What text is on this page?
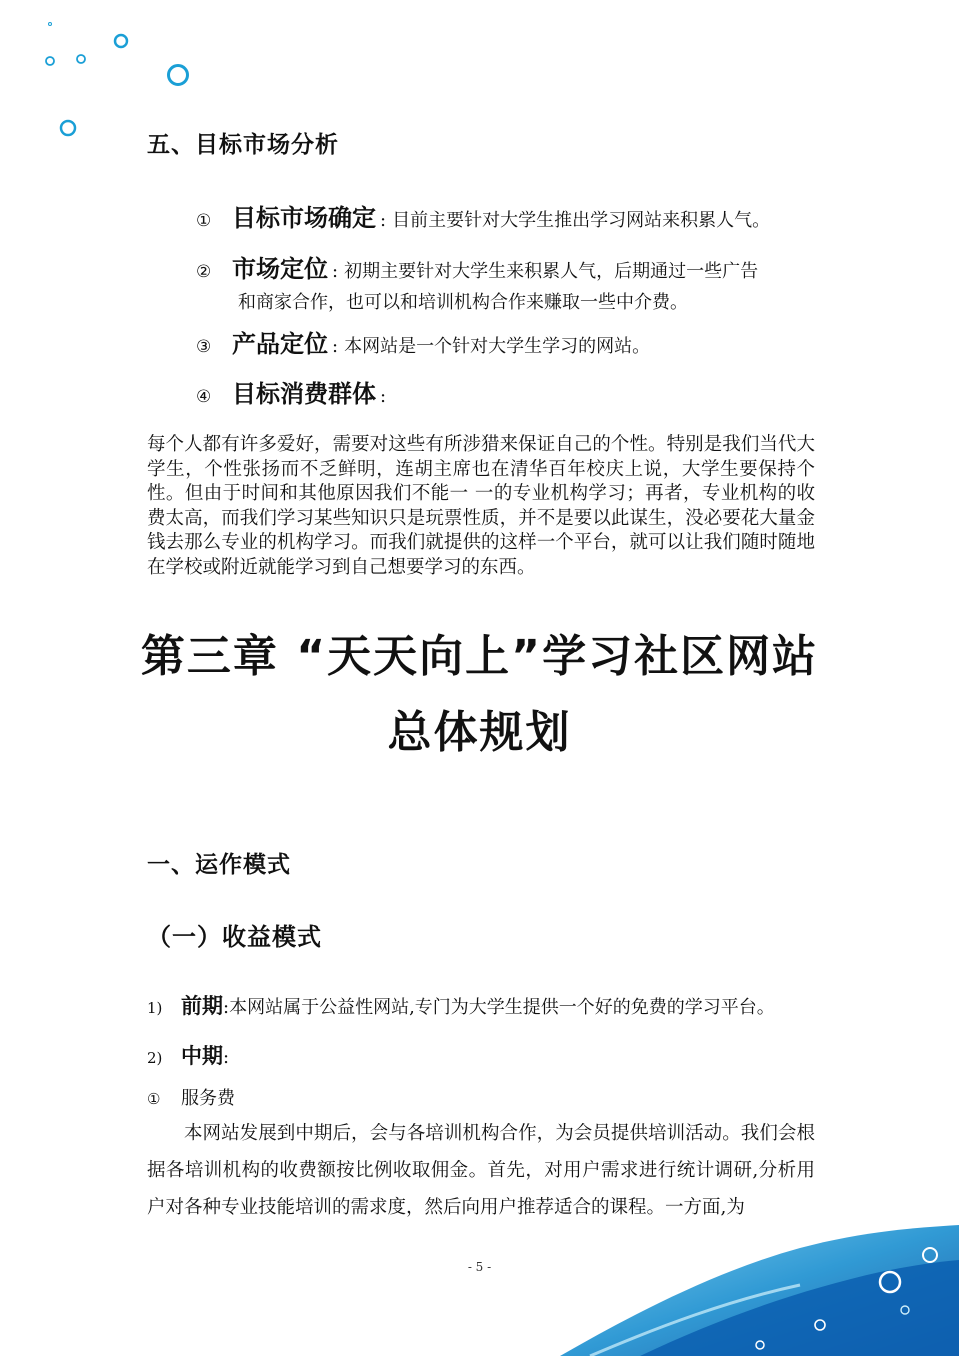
五、目标市场分析
① 目标市场确定 : 目前主要针对大学生推出学习网站来积累人气。
② 市场定位 : 初期主要针对大学生来积累人气，后期通过一些广告
和商家合作，也可以和培训机构合作来赚取一些中介费。
③ 产品定位 : 本网站是一个针对大学生学习的网站。
④ 目标消费群体 :
每个人都有许多爱好，需要对这些有所涉猎来保证自己的个性。特别是我们当代大学生，个性张扬而不乏鲜明，连胡主席也在清华百年校庆上说，大学生要保持个性。但由于时间和其他原因我们不能一 一的专业机构学习；再者，专业机构的收费太高，而我们学习某些知识只是玩票性质，并不是要以此谋生，没必要花大量金钱去那么专业的机构学习。而我们就提供的这样一个平台，就可以让我们随时随地在学校或附近就能学习到自己想要学习的东西。
第三章 “天天向上”学习社区网站
总体规划
一、运作模式
（一）收益模式
1) 前期:本网站属于公益性网站,专门为大学生提供一个好的免费的学习平台。
2) 中期:
① 服务费
本网站发展到中期后，会与各培训机构合作，为会员提供培训活动。我们会根据各培训机构的收费额按比例收取佣金。首先，对用户需求进行统计调研,分析用户对各种专业技能培训的需求度，然后向用户推荐适合的课程。一方面,为
- 5 -
